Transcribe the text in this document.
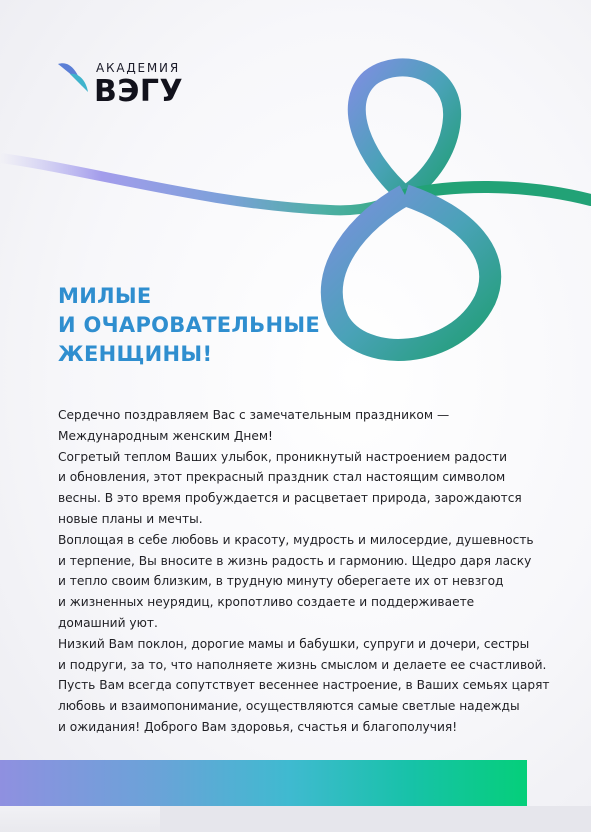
АКАДЕМИЯ
ВЭГУ
МИЛЫЕ
И ОЧАРОВАТЕЛЬНЫЕ
ЖЕНЩИНЫ!
Сердечно поздравляем Вас с замечательным праздником —
Международным женским Днем!
Согретый теплом Ваших улыбок, проникнутый настроением радости
и обновления, этот прекрасный праздник стал настоящим символом
весны. В это время пробуждается и расцветает природа, зарождаются
новые планы и мечты.
Воплощая в себе любовь и красоту, мудрость и милосердие, душевность
и терпение, Вы вносите в жизнь радость и гармонию. Щедро даря ласку
и тепло своим близким, в трудную минуту оберегаете их от невзгод
и жизненных неурядиц, кропотливо создаете и поддерживаете
домашний уют.
Низкий Вам поклон, дорогие мамы и бабушки, супруги и дочери, сестры
и подруги, за то, что наполняете жизнь смыслом и делаете ее счастливой.
Пусть Вам всегда сопутствует весеннее настроение, в Ваших семьях царят
любовь и взаимопонимание, осуществляются самые светлые надежды
и ожидания! Доброго Вам здоровья, счастья и благополучия!
